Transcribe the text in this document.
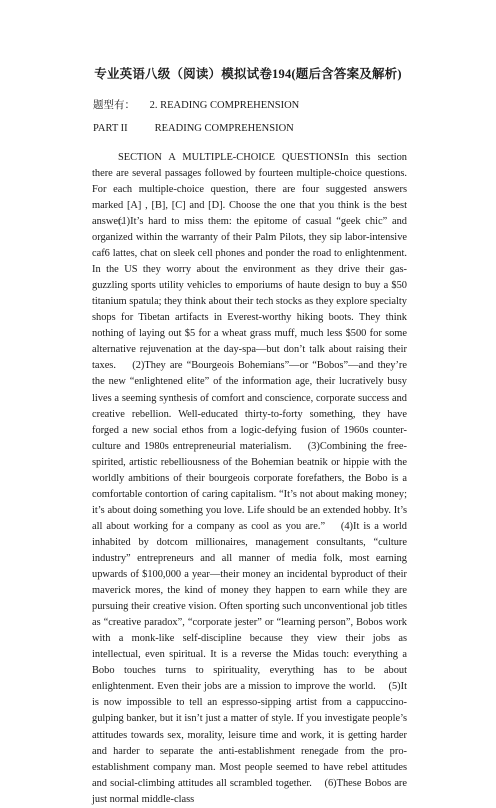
专业英语八级（阅读）模拟试卷194(题后含答案及解析)
题型有： 2. READING COMPREHENSION
PART II	READING COMPREHENSION
SECTION A MULTIPLE-CHOICE QUESTIONSIn this section there are several passages followed by fourteen multiple-choice questions. For each multiple-choice question, there are four suggested answers marked [A] , [B], [C] and [D]. Choose the one that you think is the best answer.
(1)It’s hard to miss them: the epitome of casual “geek chic” and organized within the warranty of their Palm Pilots, they sip labor-intensive caf6 lattes, chat on sleek cell phones and ponder the road to enlightenment. In the US they worry about the environment as they drive their gas-guzzling sports utility vehicles to emporiums of haute design to buy a $50 titanium spatula; they think about their tech stocks as they explore specialty shops for Tibetan artifacts in Everest-worthy hiking boots. They think nothing of laying out $5 for a wheat grass muff, much less $500 for some alternative rejuvenation at the day-spa—but don’t talk about raising their taxes. (2)They are “Bourgeois Bohemians”—or “Bobos”—and they’re the new “enlightened elite” of the information age, their lucratively busy lives a seeming synthesis of comfort and conscience, corporate success and creative rebellion. Well-educated thirty-to-forty something, they have forged a new social ethos from a logic-defying fusion of 1960s counter-culture and 1980s entrepreneurial materialism. (3)Combining the free-spirited, artistic rebelliousness of the Bohemian beatnik or hippie with the worldly ambitions of their bourgeois corporate forefathers, the Bobo is a comfortable contortion of caring capitalism. “It’s not about making money; it’s about doing something you love. Life should be an extended hobby. It’s all about working for a company as cool as you are.” (4)It is a world inhabited by dotcom millionaires, management consultants, “culture industry” entrepreneurs and all manner of media folk, most earning upwards of $100,000 a year—their money an incidental byproduct of their maverick mores, the kind of money they happen to earn while they are pursuing their creative vision. Often sporting such unconventional job titles as “creative paradox”, “corporate jester” or “learning person”, Bobos work with a monk-like self-discipline because they view their jobs as intellectual, even spiritual. It is a reverse the Midas touch: everything a Bobo touches turns to spirituality, everything has to be about enlightenment. Even their jobs are a mission to improve the world. (5)It is now impossible to tell an espresso-sipping artist from a cappuccino-gulping banker, but it isn’t just a matter of style. If you investigate people’s attitudes towards sex, morality, leisure time and work, it is getting harder and harder to separate the anti-establishment renegade from the pro-establishment company man. Most people seemed to have rebel attitudes and social-climbing attitudes all scrambled together. (6)These Bobos are just normal middle-class
